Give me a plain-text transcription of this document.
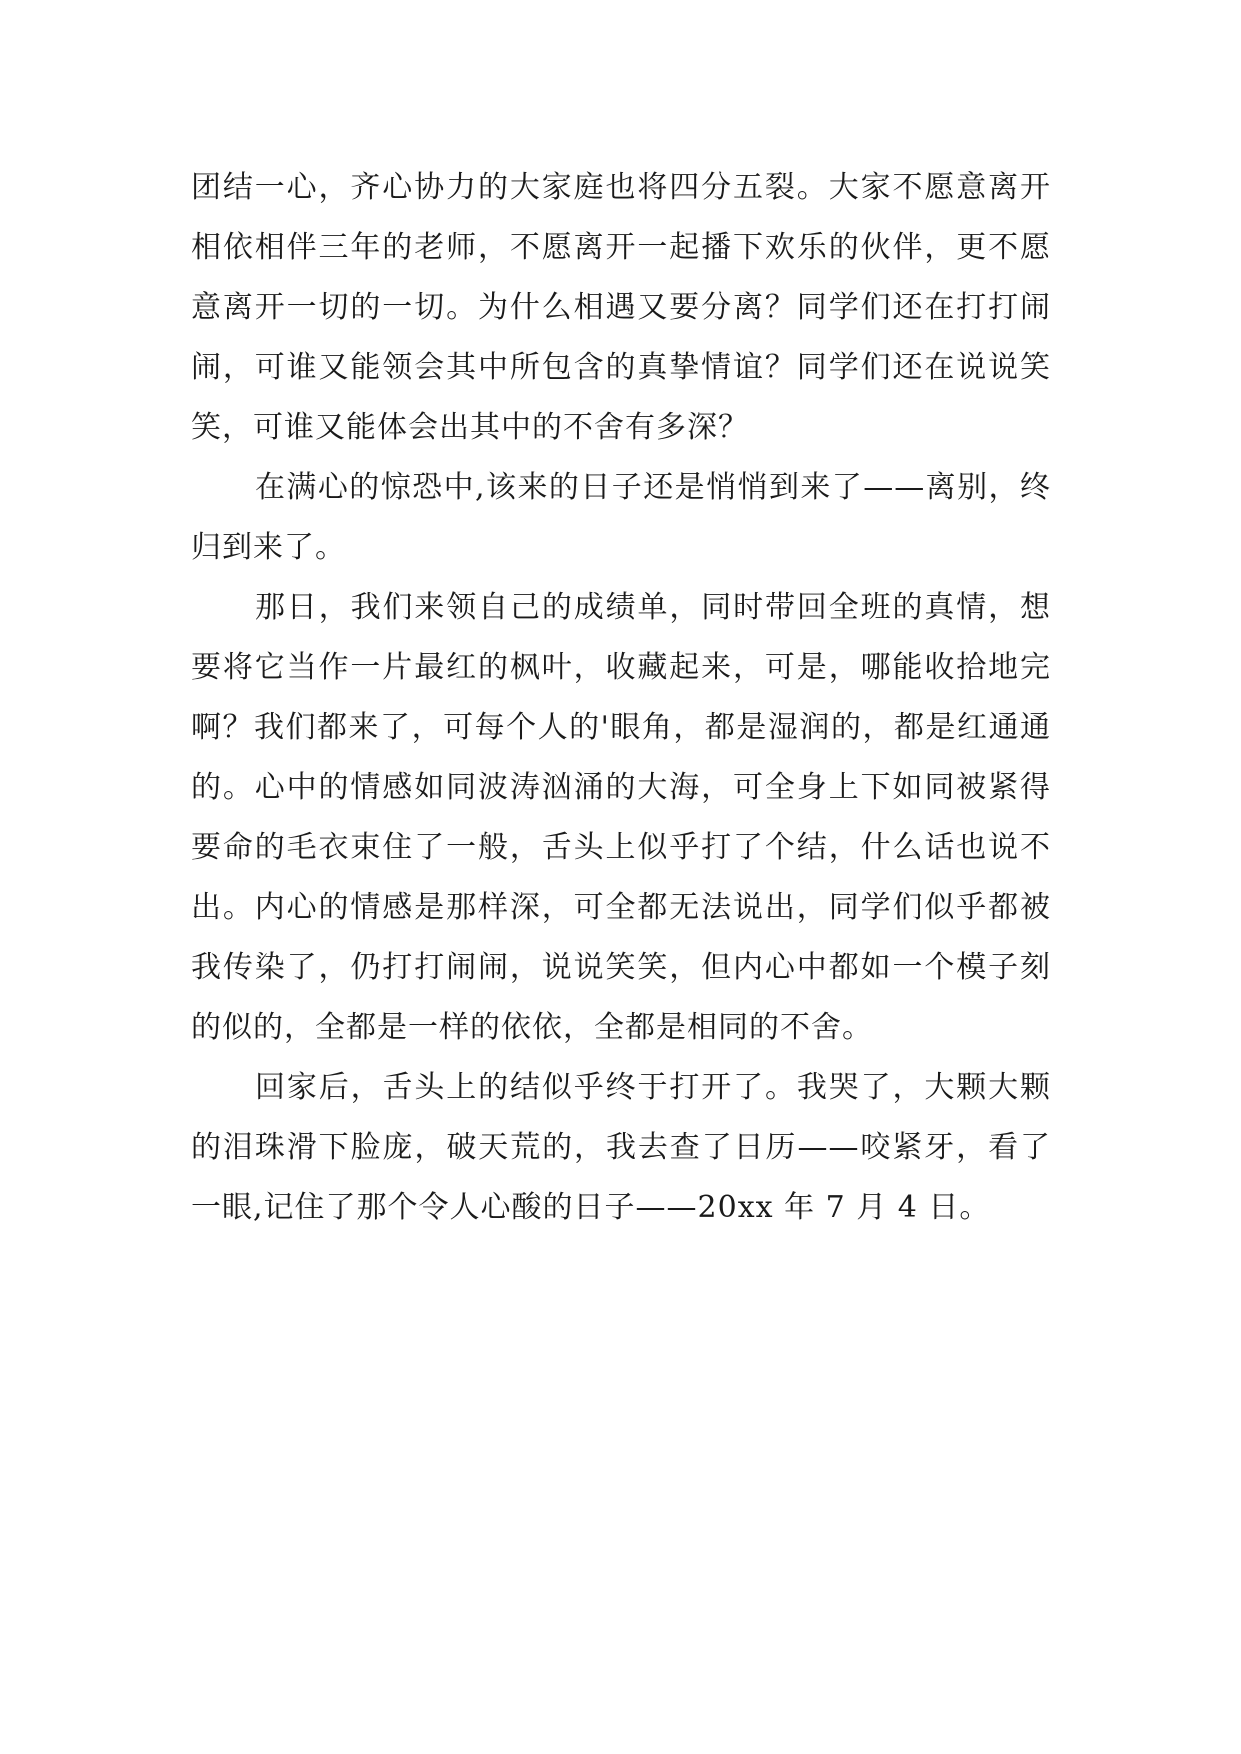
团结一心，齐心协力的大家庭也将四分五裂。大家不愿意离开相依相伴三年的老师，不愿离开一起播下欢乐的伙伴，更不愿意离开一切的一切。为什么相遇又要分离？同学们还在打打闹闹，可谁又能领会其中所包含的真挚情谊？同学们还在说说笑笑，可谁又能体会出其中的不舍有多深？

在满心的惊恐中,该来的日子还是悄悄到来了——离别，终归到来了。

那日，我们来领自己的成绩单，同时带回全班的真情，想要将它当作一片最红的枫叶，收藏起来，可是，哪能收拾地完啊？我们都来了，可每个人的'眼角，都是湿润的，都是红通通的。心中的情感如同波涛汹涌的大海，可全身上下如同被紧得要命的毛衣束住了一般，舌头上似乎打了个结，什么话也说不出。内心的情感是那样深，可全都无法说出，同学们似乎都被我传染了，仍打打闹闹，说说笑笑，但内心中都如一个模子刻的似的，全都是一样的依依，全都是相同的不舍。

回家后，舌头上的结似乎终于打开了。我哭了，大颗大颗的泪珠滑下脸庞，破天荒的，我去查了日历——咬紧牙，看了一眼,记住了那个令人心酸的日子——20xx 年 7 月 4 日。
